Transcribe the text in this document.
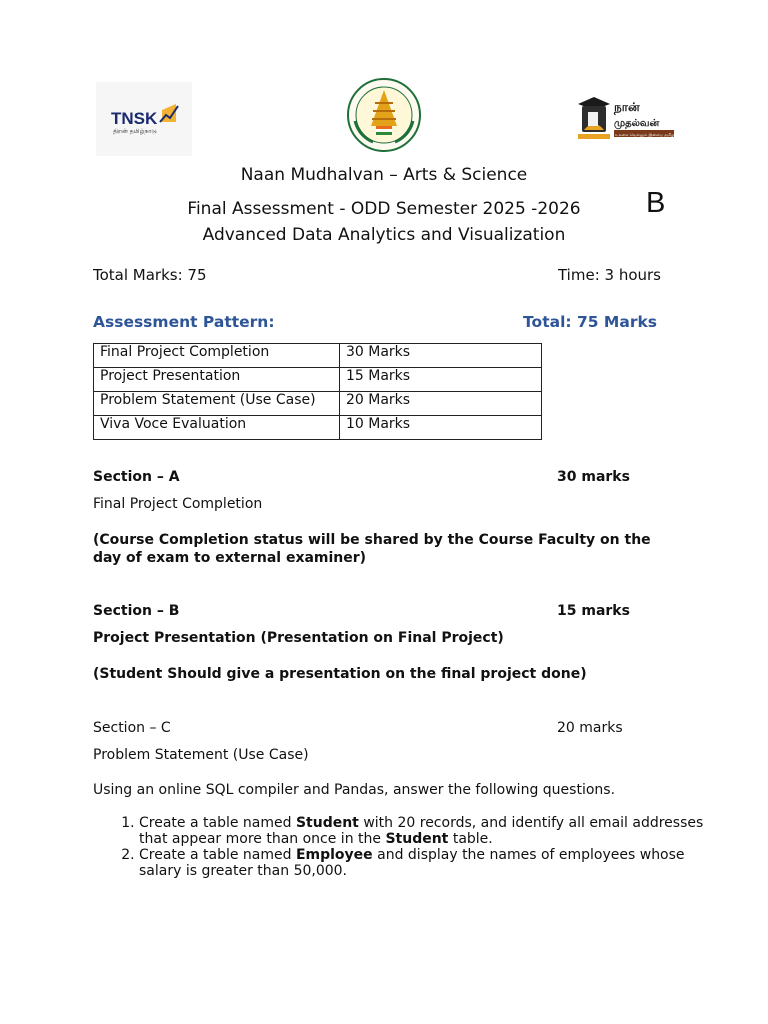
TNSK
திறன் தமிழ்நாடு
நான்
முதல்வன்
உலகை வெல்லும் இளைய தமிழகம்
Naan Mudhalvan – Arts & Science
Final Assessment - ODD Semester 2025 -2026
Advanced Data Analytics and Visualization
B
Total Marks: 75	Time: 3 hours
Assessment Pattern:	Total: 75 Marks
Final Project Completion	30 Marks
Project Presentation	15 Marks
Problem Statement (Use Case)	20 Marks
Viva Voce Evaluation	10 Marks
Section – A	30 marks
Final Project Completion
(Course Completion status will be shared by the Course Faculty on the day of exam to external examiner)
Section – B	15 marks
Project Presentation (Presentation on Final Project)
(Student Should give a presentation on the final project done)
Section – C	20 marks
Problem Statement (Use Case)
Using an online SQL compiler and Pandas, answer the following questions.
1. Create a table named Student with 20 records, and identify all email addresses that appear more than once in the Student table.
2. Create a table named Employee and display the names of employees whose salary is greater than 50,000.
